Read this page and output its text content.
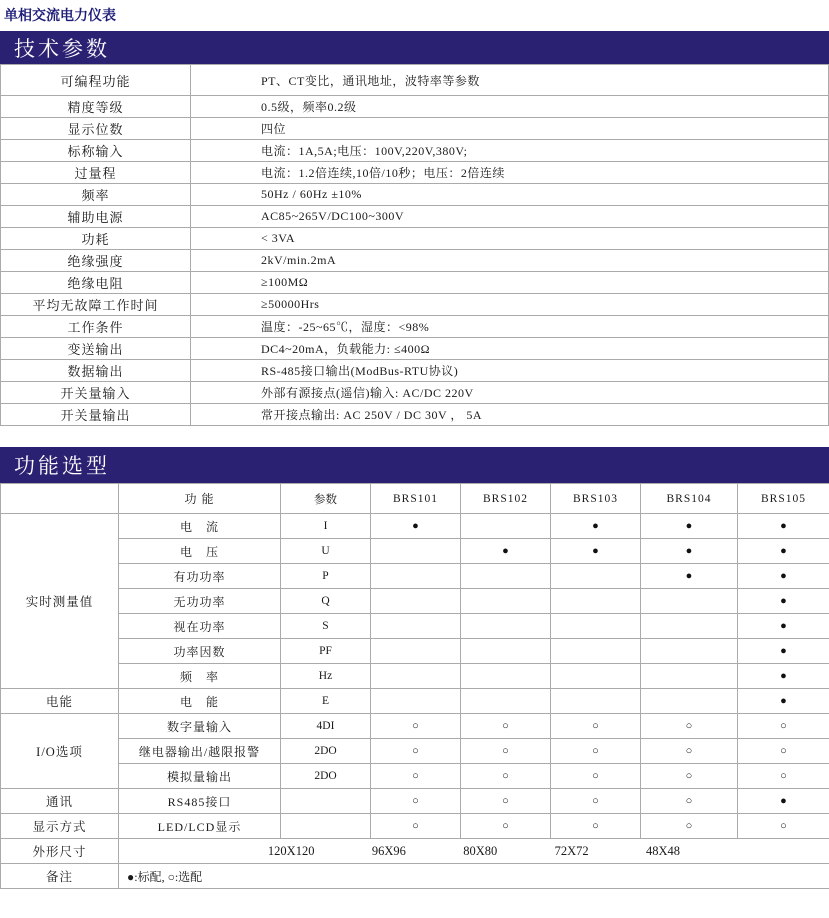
单相交流电力仪表
技术参数
可编程功能	PT、CT变比，通讯地址，波特率等参数
精度等级	0.5级，频率0.2级
显示位数	四位
标称输入	电流：1A,5A;电压：100V,220V,380V;
过量程	电流：1.2倍连续,10倍/10秒；电压：2倍连续
频率	50Hz / 60Hz ±10%
辅助电源	AC85~265V/DC100~300V
功耗	< 3VA
绝缘强度	2kV/min.2mA
绝缘电阻	≥100MΩ
平均无故障工作时间	≥50000Hrs
工作条件	温度：-25~65℃，湿度：<98%
变送输出	DC4~20mA，负载能力: ≤400Ω
数据输出	RS-485接口输出(ModBus-RTU协议)
开关量输入	外部有源接点(遥信)输入: AC/DC 220V
开关量输出	常开接点输出: AC 250V / DC 30V ， 5A
功能选型
	功 能	参数	BRS101	BRS102	BRS103	BRS104	BRS105
实时测量值	电　流	I	●		●	●	●
	电　压	U		●	●	●	●
	有功功率	P				●	●
	无功功率	Q					●
	视在功率	S					●
	功率因数	PF					●
	频　率	Hz					●
电能	电　能	E					●
I/O选项	数字量输入	4DI	○	○	○	○	○
	继电器输出/越限报警	2DO	○	○	○	○	○
	模拟量输出	2DO	○	○	○	○	○
通讯	RS485接口		○	○	○	○	●
显示方式	LED/LCD显示		○	○	○	○	○
外形尺寸	120X120   96X96   80X80   72X72   48X48						
备注	●:标配, ○:选配						
